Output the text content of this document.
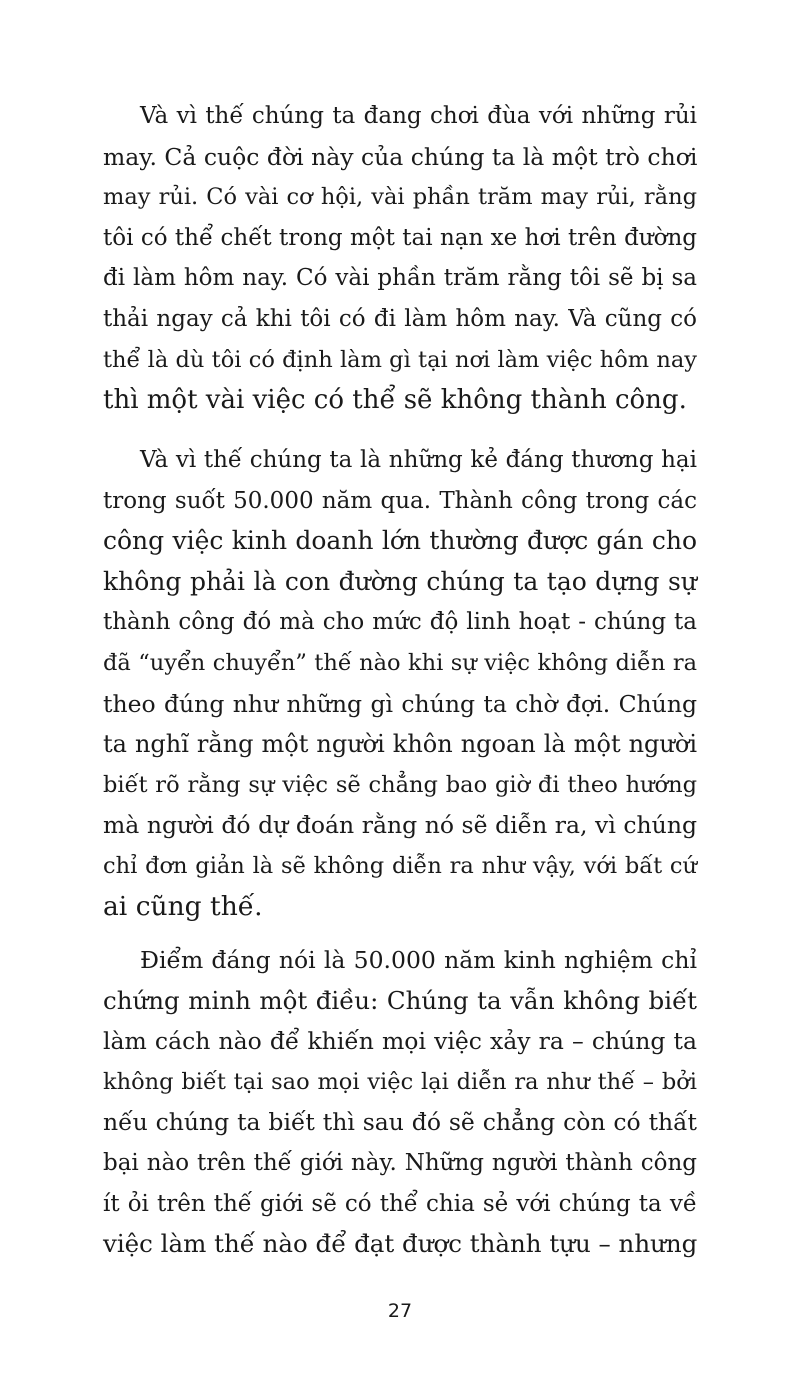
Và vì thế chúng ta đang chơi đùa với những rủi
may. Cả cuộc đời này của chúng ta là một trò chơi
may rủi. Có vài cơ hội, vài phần trăm may rủi, rằng
tôi có thể chết trong một tai nạn xe hơi trên đường
đi làm hôm nay. Có vài phần trăm rằng tôi sẽ bị sa
thải ngay cả khi tôi có đi làm hôm nay. Và cũng có
thể là dù tôi có định làm gì tại nơi làm việc hôm nay
thì một vài việc có thể sẽ không thành công.
Và vì thế chúng ta là những kẻ đáng thương hại
trong suốt 50.000 năm qua. Thành công trong các
công việc kinh doanh lớn thường được gán cho
không phải là con đường chúng ta tạo dựng sự
thành công đó mà cho mức độ linh hoạt - chúng ta
đã “uyển chuyển” thế nào khi sự việc không diễn ra
theo đúng như những gì chúng ta chờ đợi. Chúng
ta nghĩ rằng một người khôn ngoan là một người
biết rõ rằng sự việc sẽ chẳng bao giờ đi theo hướng
mà người đó dự đoán rằng nó sẽ diễn ra, vì chúng
chỉ đơn giản là sẽ không diễn ra như vậy, với bất cứ
ai cũng thế.
Điểm đáng nói là 50.000 năm kinh nghiệm chỉ
chứng minh một điều: Chúng ta vẫn không biết
làm cách nào để khiến mọi việc xảy ra – chúng ta
không biết tại sao mọi việc lại diễn ra như thế – bởi
nếu chúng ta biết thì sau đó sẽ chẳng còn có thất
bại nào trên thế giới này. Những người thành công
ít ỏi trên thế giới sẽ có thể chia sẻ với chúng ta về
việc làm thế nào để đạt được thành tựu – nhưng
27
